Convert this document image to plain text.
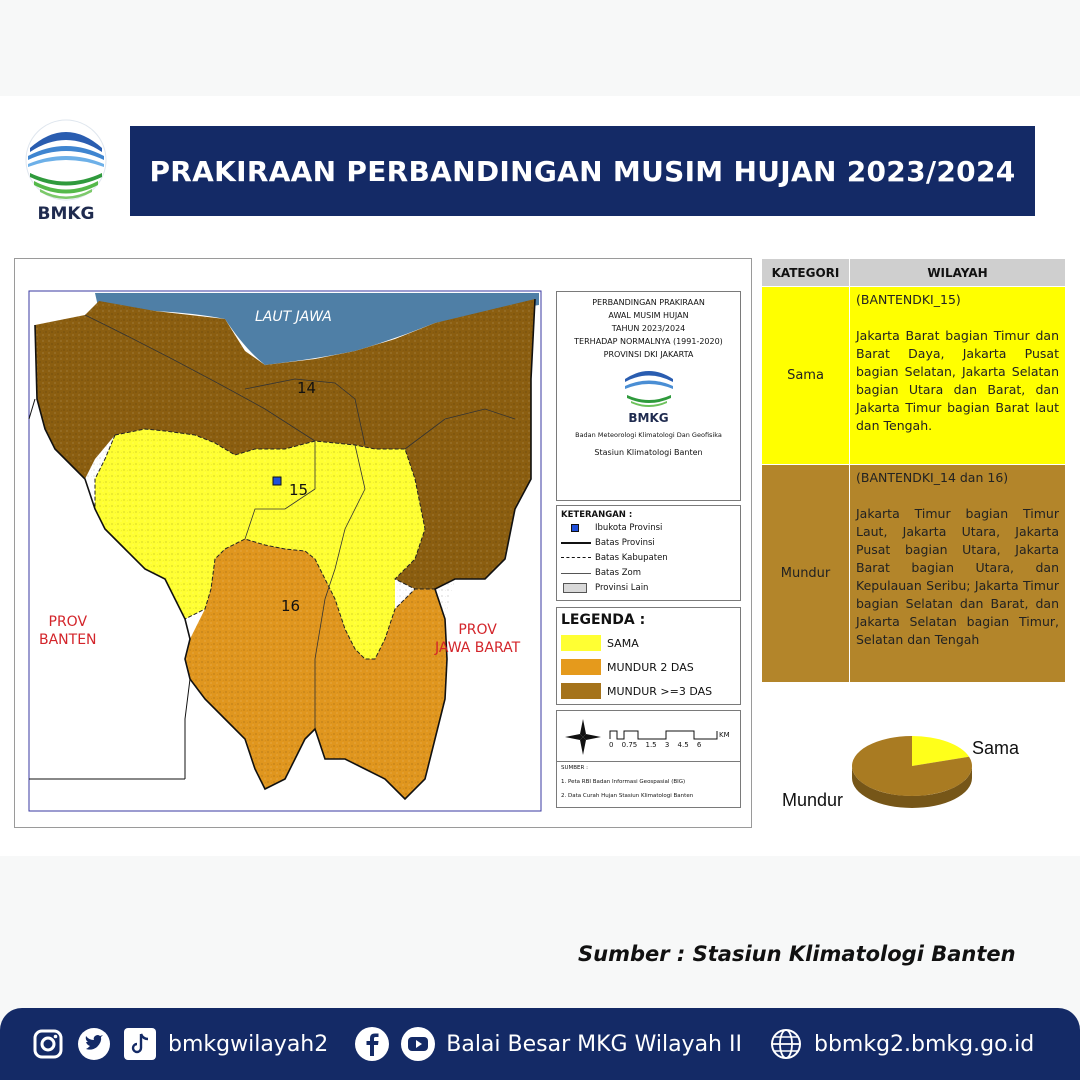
BMKG
PRAKIRAAN PERBANDINGAN MUSIM HUJAN 2023/2024
LAUT JAWA
PROV
BANTEN
PROV
JAWA BARAT
14
15
16
PERBANDINGAN PRAKIRAAN
AWAL MUSIM HUJAN
TAHUN 2023/2024
TERHADAP NORMALNYA (1991-2020)
PROVINSI DKI JAKARTA
BMKG
Badan Meteorologi Klimatologi Dan Geofisika
Stasiun Klimatologi Banten
KETERANGAN :
Ibukota Provinsi
Batas Provinsi
Batas Kabupaten
Batas Zom
Provinsi Lain
LEGENDA :
SAMA
MUNDUR 2 DAS
MUNDUR >=3 DAS
0 0.75 1.5 3 4.5 6
KM
SUMBER :
1. Peta RBI Badan Informasi Geospasial (BIG)
2. Data Curah Hujan Stasiun Klimatologi Banten
KATEGORI	WILAYAH
Sama	(BANTENDKI_15)
Jakarta Barat bagian Timur dan Barat Daya, Jakarta Pusat bagian Selatan, Jakarta Selatan bagian Utara dan Barat, dan Jakarta Timur bagian Barat laut dan Tengah.

Mundur	(BANTENDKI_14 dan 16)
Jakarta Timur bagian Timur Laut, Jakarta Utara, Jakarta Pusat bagian Utara, Jakarta Barat bagian Utara, dan Kepulauan Seribu; Jakarta Timur bagian Selatan dan Barat, dan Jakarta Selatan bagian Timur, Selatan dan Tengah
Sama
Mundur
Sumber : Stasiun Klimatologi Banten
bmkgwilayah2	Balai Besar MKG Wilayah II	bbmkg2.bmkg.go.id
